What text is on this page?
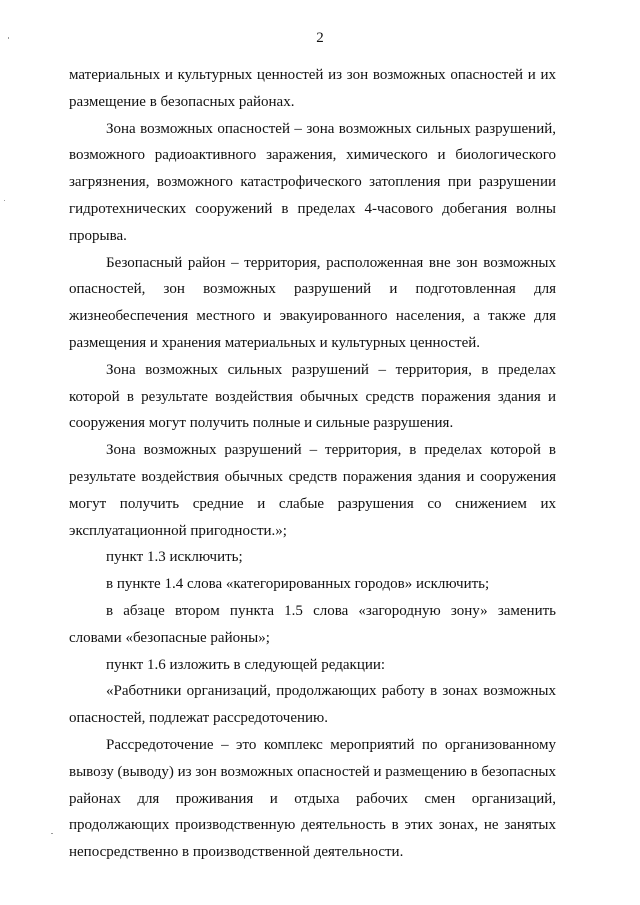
2

материальных и культурных ценностей из зон возможных опасностей и их размещение в безопасных районах.

Зона возможных опасностей – зона возможных сильных разрушений, возможного радиоактивного заражения, химического и биологического загрязнения, возможного катастрофического затопления при разрушении гидротехнических сооружений в пределах 4-часового добегания волны прорыва.

Безопасный район – территория, расположенная вне зон возможных опасностей, зон возможных разрушений и подготовленная для жизнеобеспечения местного и эвакуированного населения, а также для размещения и хранения материальных и культурных ценностей.

Зона возможных сильных разрушений – территория, в пределах которой в результате воздействия обычных средств поражения здания и сооружения могут получить полные и сильные разрушения.

Зона возможных разрушений – территория, в пределах которой в результате воздействия обычных средств поражения здания и сооружения могут получить средние и слабые разрушения со снижением их эксплуатационной пригодности.»;

пункт 1.3 исключить;

в пункте 1.4 слова «категорированных городов» исключить;

в абзаце втором пункта 1.5 слова «загородную зону» заменить словами «безопасные районы»;

пункт 1.6 изложить в следующей редакции:

«Работники организаций, продолжающих работу в зонах возможных опасностей, подлежат рассредоточению.

Рассредоточение – это комплекс мероприятий по организованному вывозу (выводу) из зон возможных опасностей и размещению в безопасных районах для проживания и отдыха рабочих смен организаций, продолжающих производственную деятельность в этих зонах, не занятых непосредственно в производственной деятельности.
